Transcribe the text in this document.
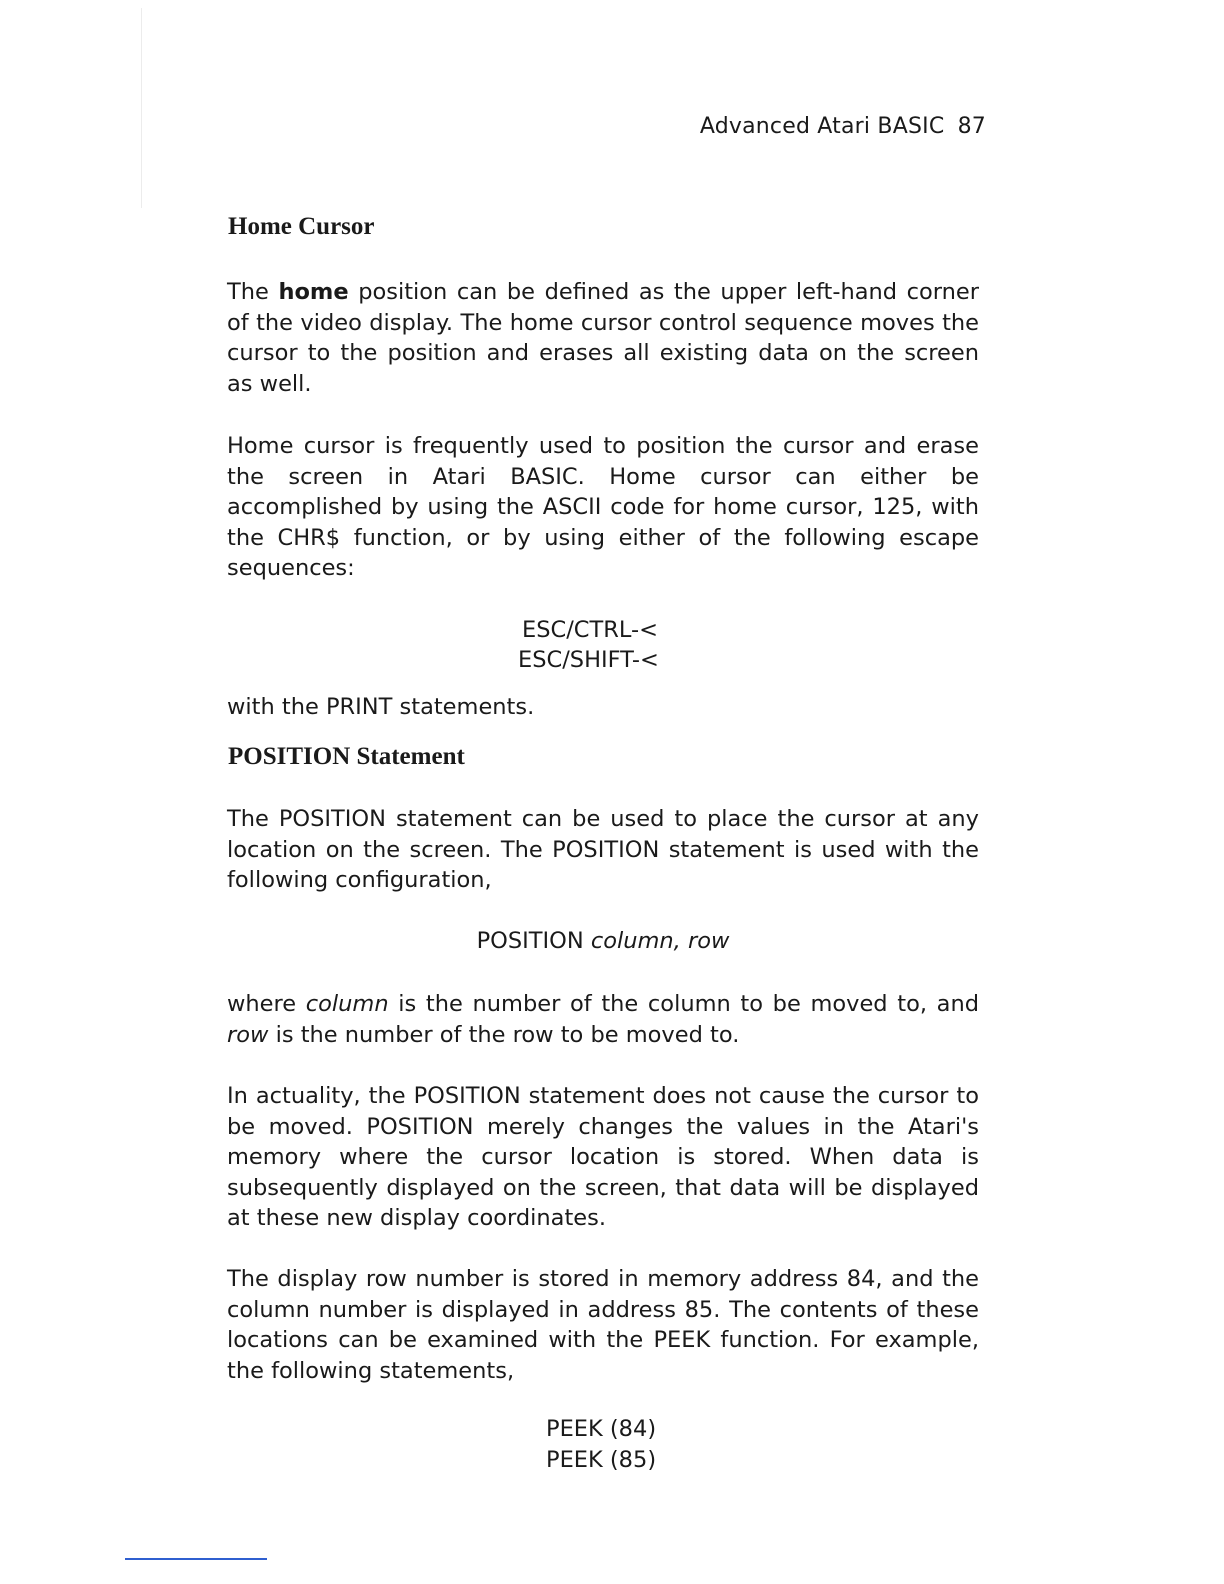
Advanced Atari BASIC 87
Home Cursor
The home position can be defined as the upper left-hand corner of the video display. The home cursor control sequence moves the cursor to the position and erases all existing data on the screen as well.
Home cursor is frequently used to position the cursor and erase the screen in Atari BASIC. Home cursor can either be accomplished by using the ASCII code for home cursor, 125, with the CHR$ function, or by using either of the following escape sequences:
ESC/CTRL-<
ESC/SHIFT-<
with the PRINT statements.
POSITION Statement
The POSITION statement can be used to place the cursor at any location on the screen. The POSITION statement is used with the following configuration,
POSITION column, row
where column is the number of the column to be moved to, and row is the number of the row to be moved to.
In actuality, the POSITION statement does not cause the cursor to be moved. POSITION merely changes the values in the Atari's memory where the cursor location is stored. When data is subsequently displayed on the screen, that data will be displayed at these new display coordinates.
The display row number is stored in memory address 84, and the column number is displayed in address 85. The contents of these locations can be examined with the PEEK function. For example, the following statements,
PEEK (84)
PEEK (85)
